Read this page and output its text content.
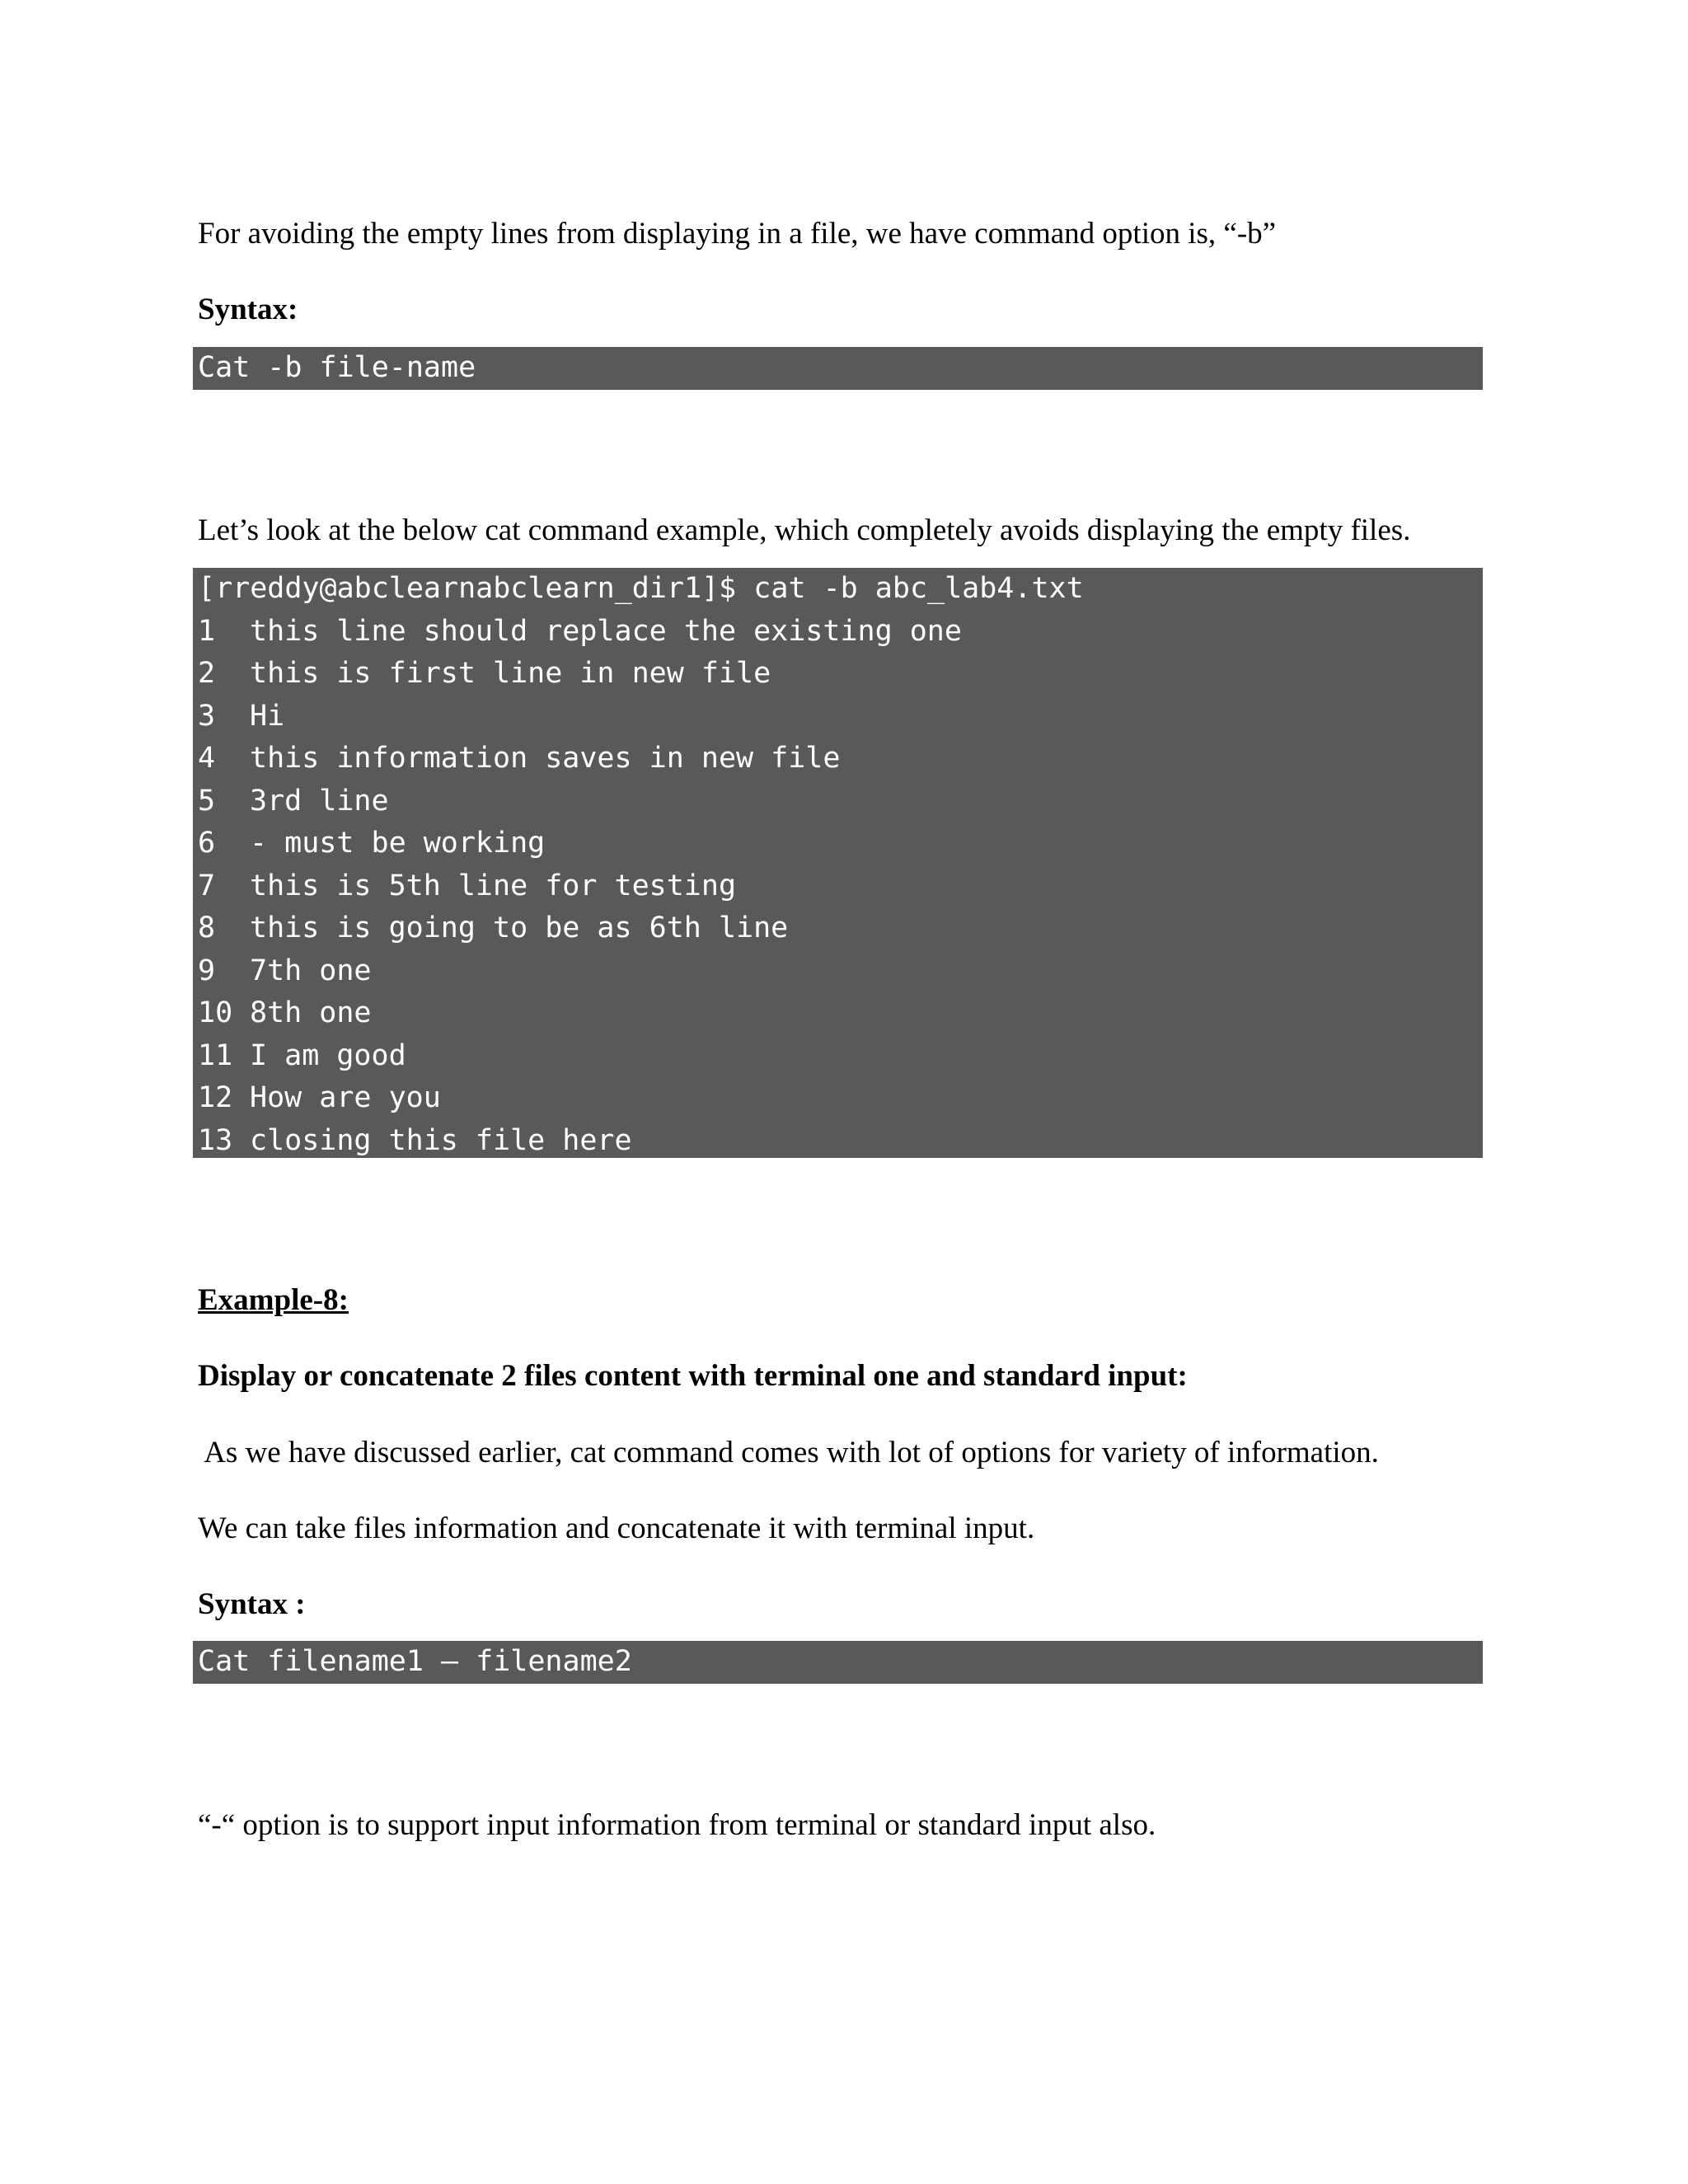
For avoiding the empty lines from displaying in a file, we have command option is, “-b”

Syntax:

Cat -b file-name

Let’s look at the below cat command example, which completely avoids displaying the empty files.

[rreddy@abclearnabclearn_dir1]$ cat -b abc_lab4.txt
1 this line should replace the existing one
2 this is first line in new file
3 Hi
4 this information saves in new file
5 3rd line
6 - must be working
7 this is 5th line for testing
8 this is going to be as 6th line
9 7th one
10 8th one
11 I am good
12 How are you
13 closing this file here

Example-8:

Display or concatenate 2 files content with terminal one and standard input:

As we have discussed earlier, cat command comes with lot of options for variety of information.

We can take files information and concatenate it with terminal input.

Syntax :

Cat filename1 – filename2

“-“ option is to support input information from terminal or standard input also.
